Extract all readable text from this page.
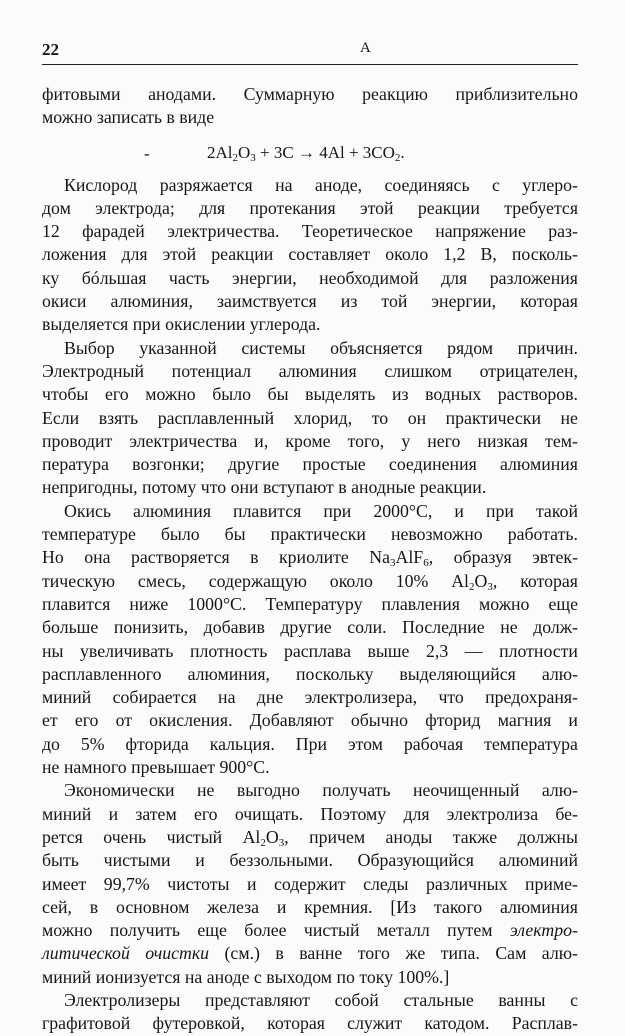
22	А
фитовыми анодами. Суммарную реакцию приблизительно
можно записать в виде
-	$2Al_2O_3 + 3C \to 4Al + 3CO_2$.
Кислород разряжается на аноде, соединяясь с углеро-
дом электрода; для протекания этой реакции требуется
12 фарадей электричества. Теоретическое напряжение раз-
ложения для этой реакции составляет около 1,2 В, посколь-
ку бóльшая часть энергии, необходимой для разложения
окиси алюминия, заимствуется из той энергии, которая
выделяется при окислении углерода.
Выбор указанной системы объясняется рядом причин.
Электродный потенциал алюминия слишком отрицателен,
чтобы его можно было бы выделять из водных растворов.
Если взять расплавленный хлорид, то он практически не
проводит электричества и, кроме того, у него низкая тем-
пература возгонки; другие простые соединения алюминия
непригодны, потому что они вступают в анодные реакции.
Окись алюминия плавится при 2000°С, и при такой
температуре было бы практически невозможно работать.
Но она растворяется в криолите $Na_3AlF_6$, образуя эвтек-
тическую смесь, содержащую около 10% $Al_2O_3$, которая
плавится ниже 1000°С. Температуру плавления можно еще
больше понизить, добавив другие соли. Последние не долж-
ны увеличивать плотность расплава выше 2,3 — плотности
расплавленного алюминия, поскольку выделяющийся алю-
миний собирается на дне электролизера, что предохраня-
ет его от окисления. Добавляют обычно фторид магния и
до 5% фторида кальция. При этом рабочая температура
не намного превышает 900°С.
Экономически не выгодно получать неочищенный алю-
миний и затем его очищать. Поэтому для электролиза бе-
рется очень чистый $Al_2O_3$, причем аноды также должны
быть чистыми и беззольными. Образующийся алюминий
имеет 99,7% чистоты и содержит следы различных приме-
сей, в основном железа и кремния. [Из такого алюминия
можно получить еще более чистый металл путем электро-
литической очистки (см.) в ванне того же типа. Сам алю-
миний ионизуется на аноде с выходом по току 100%.]
Электролизеры представляют собой стальные ванны с
графитовой футеровкой, которая служит катодом. Расплав-
